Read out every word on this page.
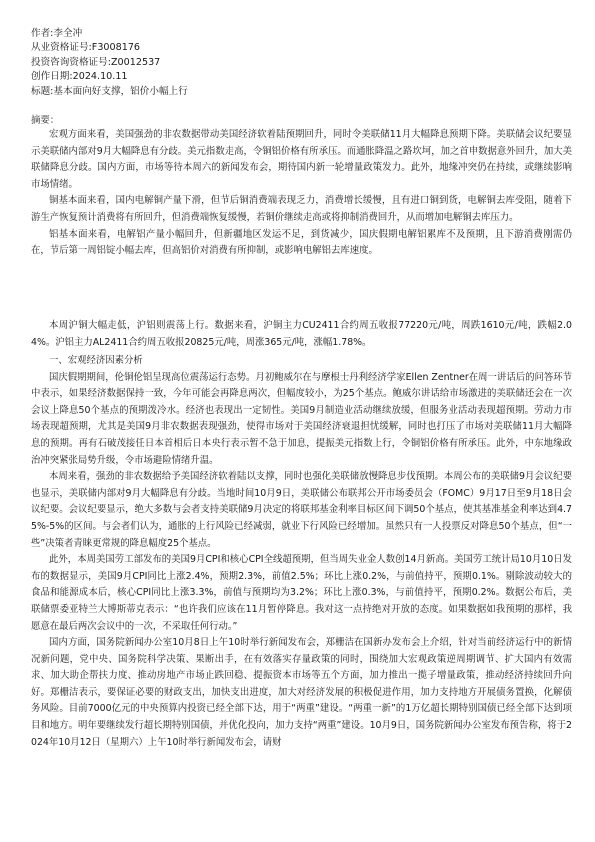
作者:李全冲
从业资格证号:F3008176
投资咨询资格证号:Z0012537
创作日期:2024.10.11
标题:基本面向好支撑，铝价小幅上行
摘要：

宏观方面来看，美国强劲的非农数据带动美国经济软着陆预期回升，同时令美联储11月大幅降息预期下降。美联储会议纪要显示美联储内部对9月大幅降息有分歧。美元指数走高，令铜铝价格有所承压。而通胀降温之路坎坷，加之首申数据意外回升，加大美联储降息分歧。国内方面，市场等待本周六的新闻发布会，期待国内新一轮增量政策发力。此外，地缘冲突仍在持续，或继续影响市场情绪。

铜基本面来看，国内电解铜产量下滑，但节后铜消费端表现乏力，消费增长缓慢，且有进口铜到货，电解铜去库受阻，随着下游生产恢复预计消费将有所回升，但消费端恢复缓慢，若铜价继续走高或将抑制消费回升，从而增加电解铜去库压力。

铝基本面来看，电解铝产量小幅回升，但新疆地区发运不足，到货减少，国庆假期电解铝累库不及预期，且下游消费刚需仍在，节后第一周铝锭小幅去库，但高铝价对消费有所抑制，或影响电解铝去库速度。

本周沪铜大幅走低，沪铝则震荡上行。数据来看，沪铜主力CU2411合约周五收报77220元/吨，周跌1610元/吨，跌幅2.04%。沪铝主力AL2411合约周五收报20825元/吨，周涨365元/吨，涨幅1.78%。

一、宏观经济因素分析

国庆假期期间，伦铜伦铝呈现高位震荡运行态势。月初鲍威尔在与摩根士丹利经济学家Ellen Zentner在周一讲话后的问答环节中表示，如果经济数据保持一致，今年可能会再降息两次，但幅度较小，为25个基点。鲍威尔讲话给市场激进的美联储还会在一次会议上降息50个基点的预期泼冷水。经济也表现出一定韧性。美国9月制造业活动继续放缓，但服务业活动表现超预期。劳动力市场表现超预期，尤其是美国9月非农数据表现强劲，使得市场对于美国经济衰退担忧缓解，同时也打压了市场对美联储11月大幅降息的预期。再有石破茂接任日本首相后日本央行表示暂不急于加息，提振美元指数上行，令铜铝价格有所承压。此外，中东地缘政治冲突紧张局势升级，令市场避险情绪升温。

本周来看，强劲的非农数据给予美国经济软着陆以支撑，同时也强化美联储放慢降息步伐预期。本周公布的美联储9月会议纪要也显示，美联储内部对9月大幅降息有分歧。当地时间10月9日，美联储公布联邦公开市场委员会（FOMC）9月17日至9月18日会议纪要。会议纪要显示，绝大多数与会者支持美联储9月决定的将联邦基金利率目标区间下调50个基点，使其基准基金利率达到4.75%-5%的区间。与会者们认为，通胀的上行风险已经减弱，就业下行风险已经增加。虽然只有一人投票反对降息50个基点，但“一些”决策者青睐更常规的降息幅度25个基点。

此外，本周美国劳工部发布的美国9月CPI和核心CPI全线超预期，但当周失业金人数创14月新高。美国劳工统计局10月10日发布的数据显示，美国9月CPI同比上涨2.4%，预期2.3%，前值2.5%；环比上涨0.2%，与前值持平，预期0.1%。剔除波动较大的食品和能源成本后，核心CPI同比上涨3.3%，前值与预期均为3.2%；环比上涨0.3%，与前值持平，预期0.2%。数据公布后，美联储票委亚特兰大博斯蒂克表示：“也许我们应该在11月暂停降息。我对这一点持绝对开放的态度。如果数据如我预期的那样，我愿意在最后两次会议中的一次，不采取任何行动。”

国内方面，国务院新闻办公室10月8日上午10时举行新闻发布会，郑栅洁在国新办发布会上介绍，针对当前经济运行中的新情况新问题，党中央、国务院科学决策、果断出手，在有效落实存量政策的同时，围绕加大宏观政策逆周期调节、扩大国内有效需求、加大助企帮扶力度、推动房地产市场止跌回稳、提振资本市场等五个方面，加力推出一揽子增量政策，推动经济持续回升向好。郑栅洁表示，要保证必要的财政支出，加快支出进度，加大对经济发展的积极促进作用，加力支持地方开展债务置换，化解债务风险。目前7000亿元的中央预算内投资已经全部下达，用于“两重”建设。“两重一新”的1万亿超长期特别国债已经全部下达到项目和地方。明年要继续发行超长期特别国债，并优化投向，加力支持“两重”建设。10月9日，国务院新闻办公室发布预告称，将于2024年10月12日（星期六）上午10时举行新闻发布会，请财
